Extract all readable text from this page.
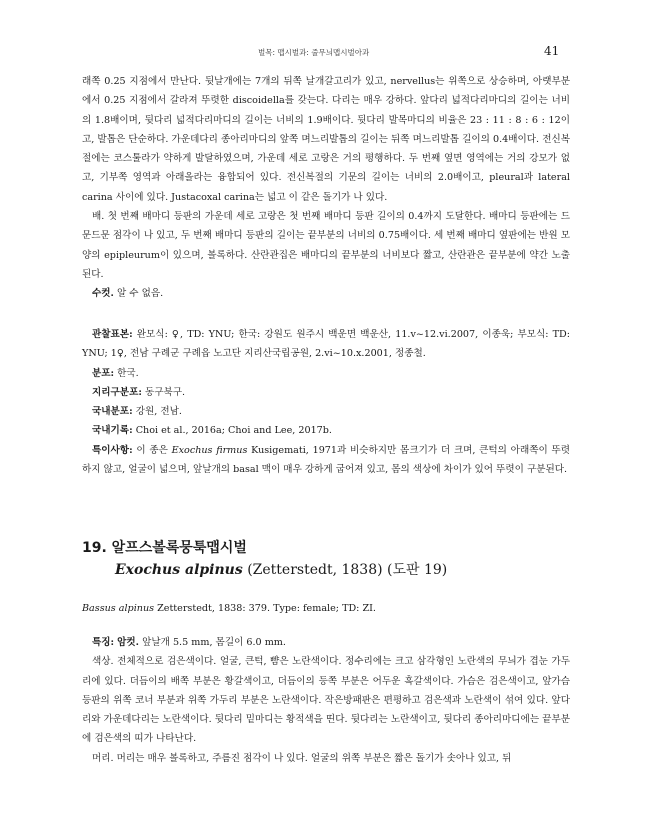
벌목: 맵시벌과: 줄무늬맵시벌아과	41

래쪽 0.25 지점에서 만난다. 뒷날개에는 7개의 뒤쪽 날개갈고리가 있고, nervellus는 위쪽으로 상승하며, 아랫부분에서 0.25 지점에서 갈라져 뚜렷한 discoidella를 갖는다. 다리는 매우 강하다. 앞다리 넓적다리마디의 길이는 너비의 1.8배이며, 뒷다리 넓적다리마디의 길이는 너비의 1.9배이다. 뒷다리 발목마디의 비율은 23 : 11 : 8 : 6 : 12이고, 발톱은 단순하다. 가운데다리 종아리마디의 앞쪽 며느리발톱의 길이는 뒤쪽 며느리발톱 길이의 0.4배이다. 전신복절에는 코스툴라가 약하게 발달하였으며, 가운데 세로 고랑은 거의 평행하다. 두 번째 옆면 영역에는 거의 강모가 없고, 기부쪽 영역과 아래올라는 융합되어 있다. 전신복절의 기문의 길이는 너비의 2.0배이고, pleural과 lateral carina 사이에 있다. Justacoxal carina는 넓고 이 같은 돌기가 나 있다.

배. 첫 번째 배마디 등판의 가운데 세로 고랑은 첫 번째 배마디 등판 길이의 0.4까지 도달한다. 배마디 등판에는 드문드문 점각이 나 있고, 두 번째 배마디 등판의 길이는 끝부분의 너비의 0.75배이다. 세 번째 배마디 옆판에는 반원 모양의 epipleurum이 있으며, 볼록하다. 산란관집은 배마디의 끝부분의 너비보다 짧고, 산란관은 끝부분에 약간 노출된다.

수컷. 알 수 없음.

관찰표본: 완모식: ♀, TD: YNU; 한국: 강원도 원주시 백운면 백운산, 11.v~12.vi.2007, 이종욱; 부모식: TD: YNU; 1♀, 전남 구례군 구례읍 노고단 지리산국립공원, 2.vi~10.x.2001, 정종철.

분포: 한국.

지리구분포: 동구북구.

국내분포: 강원, 전남.

국내기록: Choi et al., 2016a; Choi and Lee, 2017b.

특이사항: 이 종은 Exochus firmus Kusigemati, 1971과 비슷하지만 몸크기가 더 크며, 큰턱의 아래쪽이 뚜렷하지 않고, 얼굴이 넓으며, 앞날개의 basal 맥이 매우 강하게 굽어져 있고, 몸의 색상에 차이가 있어 뚜렷이 구분된다.

19. 알프스볼록뭉툭맵시벌
Exochus alpinus (Zetterstedt, 1838) (도판 19)
Bassus alpinus Zetterstedt, 1838: 379. Type: female; TD: ZI.

특징: 암컷. 앞날개 5.5 mm, 몸길이 6.0 mm.

색상. 전체적으로 검은색이다. 얼굴, 큰턱, 뺨은 노란색이다. 정수리에는 크고 삼각형인 노란색의 무늬가 겹눈 가두리에 있다. 더듬이의 배쪽 부분은 황갈색이고, 더듬이의 등쪽 부분은 어두운 흑갈색이다. 가슴은 검은색이고, 앞가슴 등판의 위쪽 코너 부분과 위쪽 가두리 부분은 노란색이다. 작은방패판은 편평하고 검은색과 노란색이 섞여 있다. 앞다리와 가운데다리는 노란색이다. 뒷다리 밑마디는 황적색을 띤다. 뒷다리는 노란색이고, 뒷다리 종아리마디에는 끝부분에 검은색의 띠가 나타난다.

머리. 머리는 매우 볼록하고, 주름진 점각이 나 있다. 얼굴의 위쪽 부분은 짧은 돌기가 솟아나 있고, 뒤
